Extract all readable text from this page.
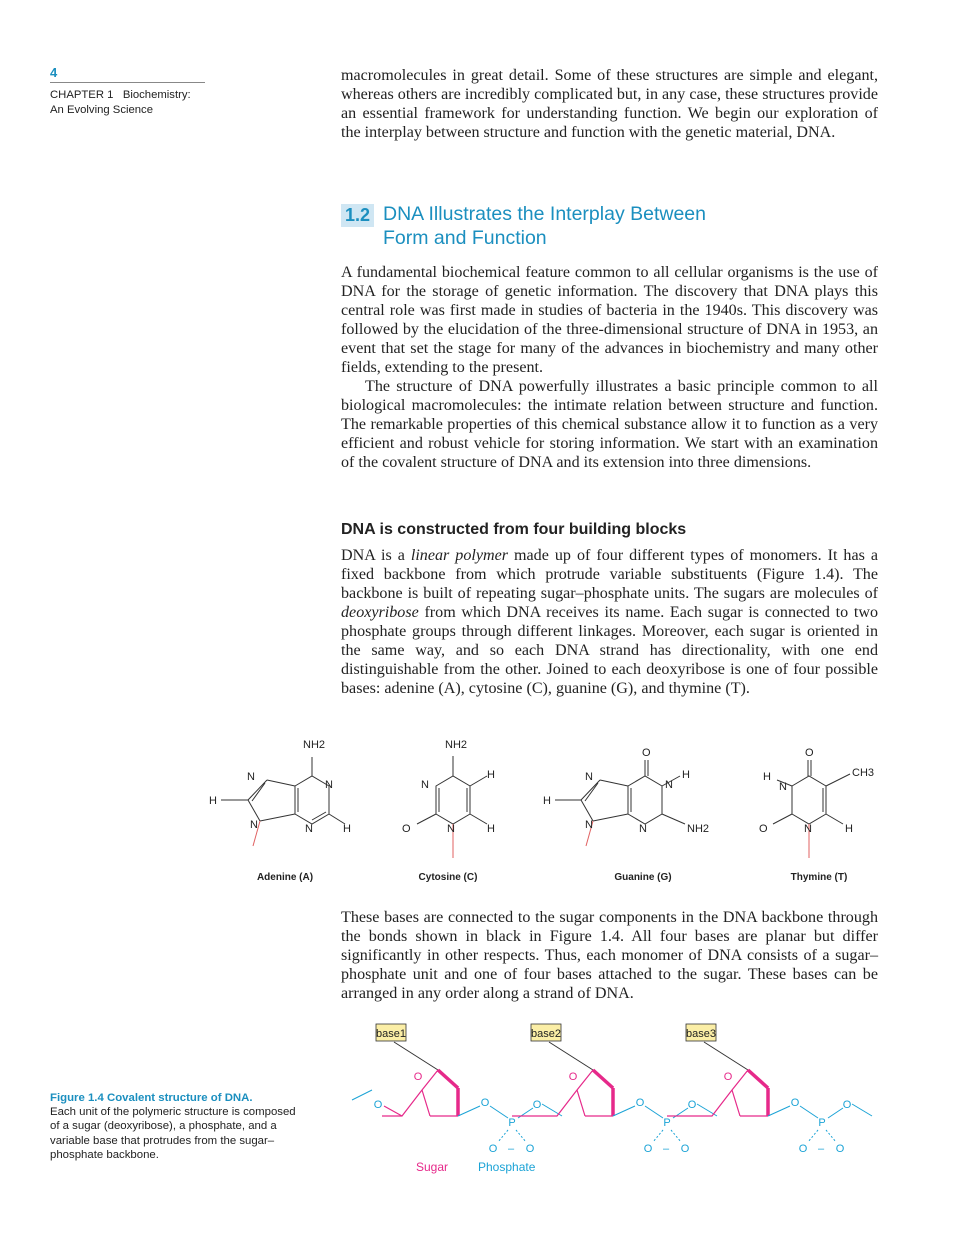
4
CHAPTER 1 Biochemistry:
An Evolving Science

macromolecules in great detail. Some of these structures are simple and elegant, whereas others are incredibly complicated but, in any case, these structures provide an essential framework for understanding function. We begin our exploration of the interplay between structure and function with the genetic material, DNA.

1.2 DNA Illustrates the Interplay Between
Form and Function

A fundamental biochemical feature common to all cellular organisms is the use of DNA for the storage of genetic information. The discovery that DNA plays this central role was first made in studies of bacteria in the 1940s. This discovery was followed by the elucidation of the three-dimensional structure of DNA in 1953, an event that set the stage for many of the advances in biochemistry and many other fields, extending to the present.

The structure of DNA powerfully illustrates a basic principle common to all biological macromolecules: the intimate relation between structure and function. The remarkable properties of this chemical substance allow it to function as a very efficient and robust vehicle for storing information. We start with an examination of the covalent structure of DNA and its extension into three dimensions.

DNA is constructed from four building blocks

DNA is a linear polymer made up of four different types of monomers. It has a fixed backbone from which protrude variable substituents (Figure 1.4). The backbone is built of repeating sugar–phosphate units. The sugars are molecules of deoxyribose from which DNA receives its name. Each sugar is connected to two phosphate groups through different linkages. Moreover, each sugar is oriented in the same way, and so each DNA strand has directionality, with one end distinguishable from the other. Joined to each deoxyribose is one of four possible bases: adenine (A), cytosine (C), guanine (G), and thymine (T).

NH2
N
N
H
N	N	H
NH2
N
H
O	N	H
O
N
N
H
H
N	N	NH2
O
H
N
CH3
O	N	H
Adenine (A)	Cytosine (C)	Guanine (G)	Thymine (T)

These bases are connected to the sugar components in the DNA backbone through the bonds shown in black in Figure 1.4. All four bases are planar but differ significantly in other respects. Thus, each monomer of DNA consists of a sugar–phosphate unit and one of four bases attached to the sugar. These bases can be arranged in any order along a strand of DNA.

O
base1
O
O
P
O – O
O
base2
O
O
P
O – O
O
base3
O
O
P
O – O
O
Sugar Phosphate
Figure 1.4 Covalent structure of DNA.
Each unit of the polymeric structure is composed of a sugar (deoxyribose), a phosphate, and a variable base that protrudes from the sugar–phosphate backbone.
